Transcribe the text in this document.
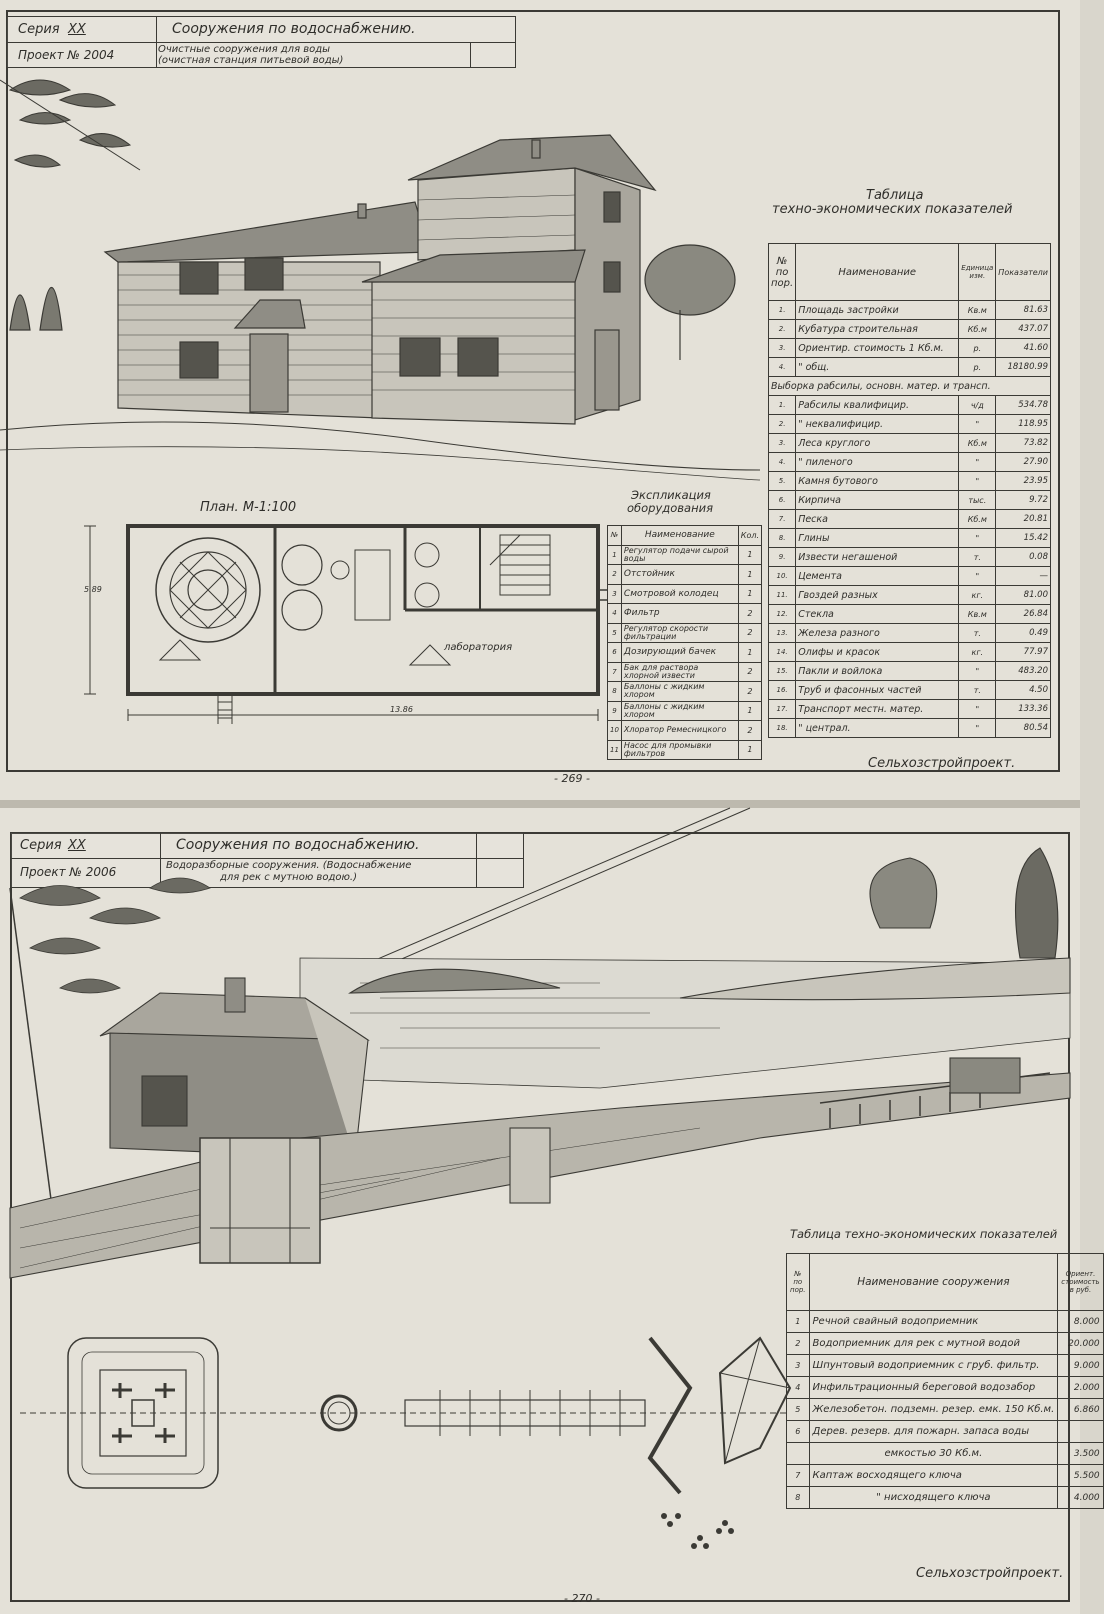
Серия XX
Проект № 2004
Сооружения по водоснабжению.
Очистные сооружения для воды
(очистная станция питьевой воды)
План. М-1:100
5.89
13.86
лаборатория
Экспликация
оборудования
№	Наименование	Кол.
1	Регулятор подачи сырой воды	1
2	Отстойник	1
3	Смотровой колодец	1
4	Фильтр	2
5	Регулятор скорости фильтрации	2
6	Дозирующий бачек	1
7	Бак для раствора хлорной извести	2
8	Баллоны с жидким хлором	2
9	Баллоны с жидким хлором	1
10	Хлоратор Ремесницкого	2
11	Насос для промывки фильтров	1
Таблица
техно-экономических показателей
№ по пор.	Наименование	Единица изм.	Показатели
1.	Площадь застройки	Кв.м	81.63
2.	Кубатура строительная	Кб.м	437.07
3.	Ориентир. стоимость 1 Кб.м.	р.	41.60
4.	" общ.	р.	18180.99
Выборка рабсилы, основн. матер. и трансп.			
1.	Рабсилы квалифицир.	ч/д	534.78
2.	" неквалифицир.	"	118.95
3.	Леса круглого	Кб.м	73.82
4.	" пиленого	"	27.90
5.	Камня бутового	"	23.95
6.	Кирпича	тыс.	9.72
7.	Песка	Кб.м	20.81
8.	Глины	"	15.42
9.	Извести негашеной	т.	0.08
10.	Цемента	"	—
11.	Гвоздей разных	кг.	81.00
12.	Стекла	Кв.м	26.84
13.	Железа разного	т.	0.49
14.	Олифы и красок	кг.	77.97
15.	Пакли и войлока	"	483.20
16.	Труб и фасонных частей	т.	4.50
17.	Транспорт местн. матер.	"	133.36
18.	" централ.	"	80.54
Сельхозстройпроект.
- 269 -
Серия XX
Проект № 2006
Сооружения по водоснабжению.
Водоразборные сооружения. (Водоснабжение
для рек с мутною водою.)
Таблица техно-экономических показателей
№ по пор.	Наименование сооружения	Ориент. стоимость в руб.
1	Речной свайный водоприемник	8.000
2	Водоприемник для рек с мутной водой	20.000
3	Шпунтовый водоприемник с груб. фильтр.	9.000
4	Инфильтрационный береговой водозабор	2.000
5	Железобетон. подземн. резер. емк. 150 Кб.м.	6.860
6	Дерев. резерв. для пожарн. запаса воды	
	емкостью 30 Кб.м.	3.500
7	Каптаж восходящего ключа	5.500
8	" нисходящего ключа	4.000
Сельхозстройпроект.
- 270 -
